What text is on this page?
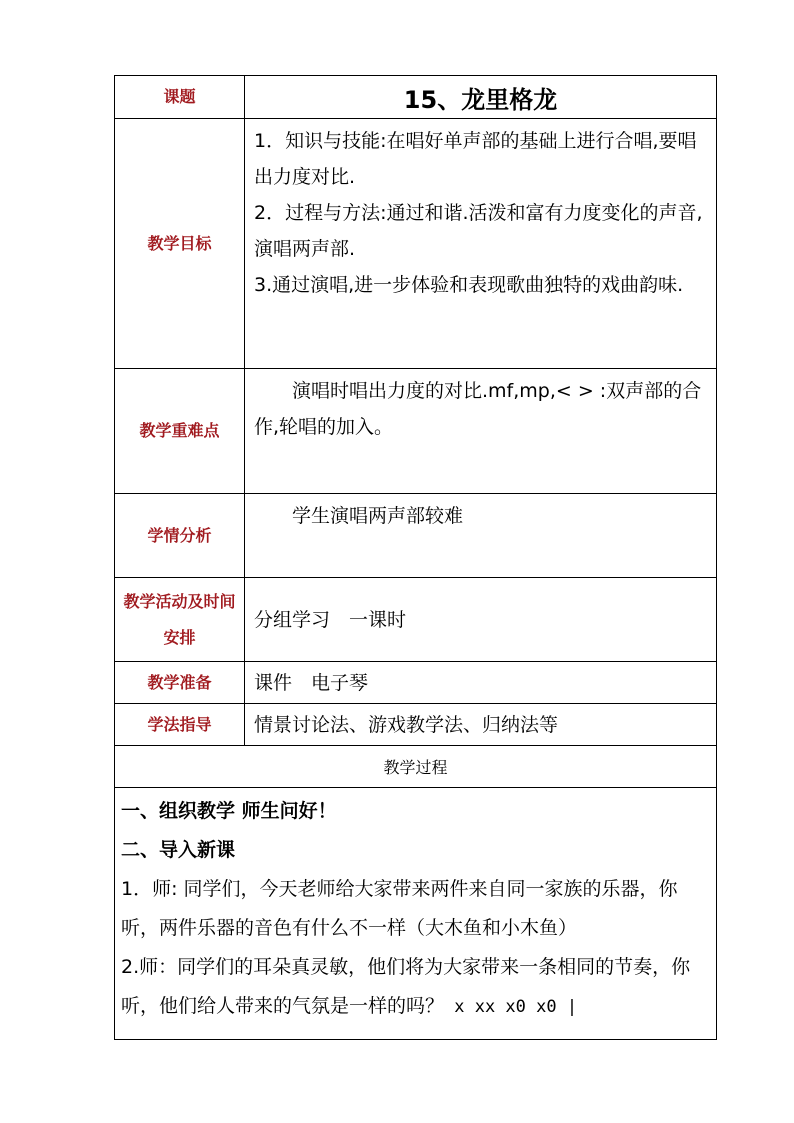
课题	15、龙里格龙
教学目标	1．知识与技能:在唱好单声部的基础上进行合唱,要唱出力度对比.
2．过程与方法:通过和谐.活泼和富有力度变化的声音,演唱两声部.
3.通过演唱,进一步体验和表现歌曲独特的戏曲韵味.

教学重难点	演唱时唱出力度的对比.mf,mp,< > :双声部的合作,轮唱的加入。
学情分析	学生演唱两声部较难
教学活动及时间安排	分组学习　一课时
教学准备	课件　电子琴
学法指导	情景讨论法、游戏教学法、归纳法等
教学过程	

一、组织教学 师生问好！

二、导入新课

1．师: 同学们，今天老师给大家带来两件来自同一家族的乐器，你听，两件乐器的音色有什么不一样（大木鱼和小木鱼）

2.师：同学们的耳朵真灵敏，他们将为大家带来一条相同的节奏，你听，他们给人带来的气氛是一样的吗？ x xx x0 x0 |	
